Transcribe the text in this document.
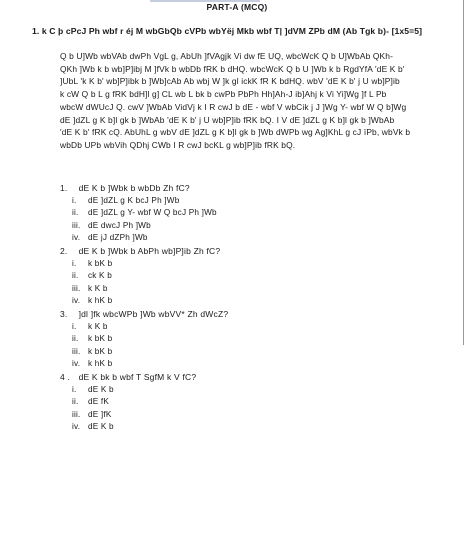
PART-A (MCQ)
1. k C‌ þ cPcJ Ph wbf r‌ ‌é‌j‌ M wbGbQb cVPb wbY‌‌ëj Mkb wbf T| ]dVM ZPb dM (Ab Tgk b)- [1x5=5]
Q b U]Wb wbVAb dwPh VgL g, AbUh ]fVAgjk Vi dw fE UQ, wbcWcK Q b U]WbAb QKh-
QKh ]Wb k b wb]P]‌ibj M ]fVk b wbDb fRK b dHQ. wbcWcK Q b U ]Wb k b RgdYfA 'dE K b'
]UbL 'k K b' wb]P]‌ibk b ]Wb]cAb Ab wbj W ]k gl ickK fR K bdHQ. wbV 'dE K b' j U wb]P]‌ib
k cW Q b L g fRK bdH]l g] CL wb L bk b cwPb PbPh Hh]Ah-J ‌ib]Ahj k Vi Y‌i]Wg ]f L Pb
wbcW dWUcJ Q. cwV ]WbAb V‌idVj k I R cwJ b dE - wbf V wbCi‌k j J ]Wg Y- wbf W Q b]Wg
dE ]dZL g K b]l gk b ]WbAb 'dE K b' j U wb]P]‌ib fRK bQ. I V dE ]dZL g K b]l gk b ]WbAb
'dE K b' fRK cQ. AbUhL g wbV dE ]dZL g K b]l gk b ]Wb dWPb wg Ag]KhL g cJ ‌ïPb, wbVk b
wbDb UPb wbVih QDhj CWb I R cwJ bcKL g wb]P]‌ib fRK bQ.
1. dE K b ]Wbk b wbDb Zh fC?
i. dE ]dZL g K bcJ Ph ]Wb
ii. dE ]dZL g Y- wbf W Q bcJ Ph ]Wb
iii. dE dwcJ Ph ]Wb
iv. dE jJ dZPh ]Wb
2. dE K b ]Wbk b AbPh wb]P]‌ib Zh fC?
i. k bK b
ii. ck K b
iii. k K b
iv. k hK b
3. ]dl ]fk wbcWPb ]Wb wbVV* Zh dWcZ?
i. k K b
ii. k bK b
iii. k bK b
iv. k hK b
4 . dE K bk b wbf T SgfM k V fC?
i. dE K b
ii. dE fK
iii. dE ]fK
iv. dE K b
